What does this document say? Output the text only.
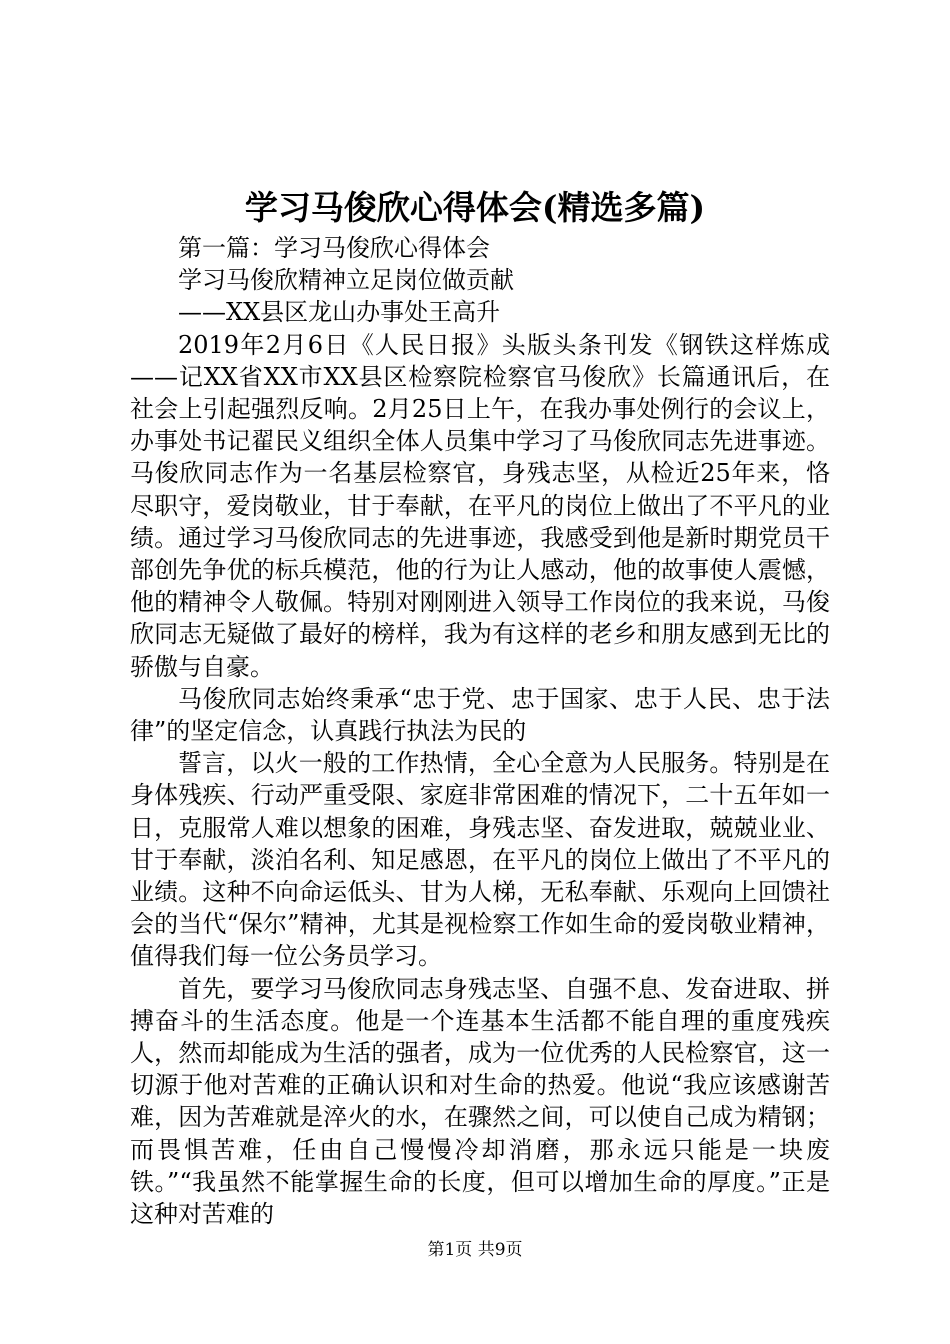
学习马俊欣心得体会(精选多篇)

第一篇：学习马俊欣心得体会

学习马俊欣精神立足岗位做贡献

——XX县区龙山办事处王高升

2019年2月6日《人民日报》头版头条刊发《钢铁这样炼成——记XX省XX市XX县区检察院检察官马俊欣》长篇通讯后，在社会上引起强烈反响。2月25日上午，在我办事处例行的会议上，办事处书记翟民义组织全体人员集中学习了马俊欣同志先进事迹。马俊欣同志作为一名基层检察官，身残志坚，从检近25年来，恪尽职守，爱岗敬业，甘于奉献，在平凡的岗位上做出了不平凡的业绩。通过学习马俊欣同志的先进事迹，我感受到他是新时期党员干部创先争优的标兵模范，他的行为让人感动，他的故事使人震憾，他的精神令人敬佩。特别对刚刚进入领导工作岗位的我来说，马俊欣同志无疑做了最好的榜样，我为有这样的老乡和朋友感到无比的骄傲与自豪。

马俊欣同志始终秉承“忠于党、忠于国家、忠于人民、忠于法律”的坚定信念，认真践行执法为民的

誓言，以火一般的工作热情，全心全意为人民服务。特别是在身体残疾、行动严重受限、家庭非常困难的情况下，二十五年如一日，克服常人难以想象的困难，身残志坚、奋发进取，兢兢业业、甘于奉献，淡泊名利、知足感恩，在平凡的岗位上做出了不平凡的业绩。这种不向命运低头、甘为人梯，无私奉献、乐观向上回馈社会的当代“保尔”精神，尤其是视检察工作如生命的爱岗敬业精神，值得我们每一位公务员学习。

首先，要学习马俊欣同志身残志坚、自强不息、发奋进取、拼搏奋斗的生活态度。他是一个连基本生活都不能自理的重度残疾人，然而却能成为生活的强者，成为一位优秀的人民检察官，这一切源于他对苦难的正确认识和对生命的热爱。他说“我应该感谢苦难，因为苦难就是淬火的水，在骤然之间，可以使自己成为精钢；而畏惧苦难，任由自己慢慢冷却消磨，那永远只能是一块废铁。”“我虽然不能掌握生命的长度，但可以增加生命的厚度。”正是这种对苦难的

第1页 共9页
